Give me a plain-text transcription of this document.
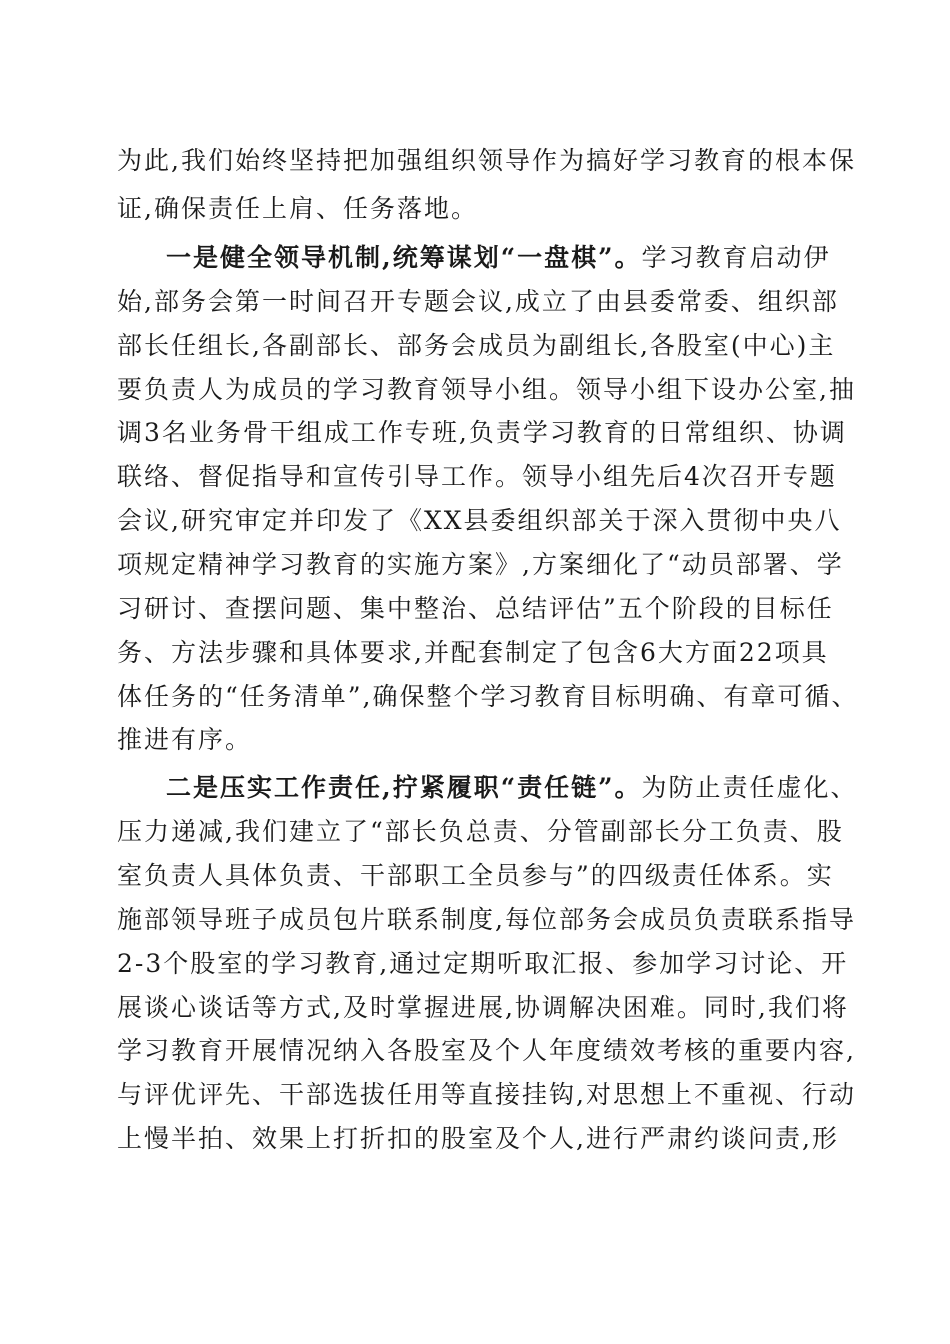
为此,我们始终坚持把加强组织领导作为搞好学习教育的根本保
证,确保责任上肩、任务落地。
一是健全领导机制,统筹谋划“一盘棋”。学习教育启动伊
始,部务会第一时间召开专题会议,成立了由县委常委、组织部
部长任组长,各副部长、部务会成员为副组长,各股室(中心)主
要负责人为成员的学习教育领导小组。领导小组下设办公室,抽
调3名业务骨干组成工作专班,负责学习教育的日常组织、协调
联络、督促指导和宣传引导工作。领导小组先后4次召开专题
会议,研究审定并印发了《XX县委组织部关于深入贯彻中央八
项规定精神学习教育的实施方案》,方案细化了“动员部署、学
习研讨、查摆问题、集中整治、总结评估”五个阶段的目标任
务、方法步骤和具体要求,并配套制定了包含6大方面22项具
体任务的“任务清单”,确保整个学习教育目标明确、有章可循、
推进有序。
二是压实工作责任,拧紧履职“责任链”。为防止责任虚化、
压力递减,我们建立了“部长负总责、分管副部长分工负责、股
室负责人具体负责、干部职工全员参与”的四级责任体系。实
施部领导班子成员包片联系制度,每位部务会成员负责联系指导
2-3个股室的学习教育,通过定期听取汇报、参加学习讨论、开
展谈心谈话等方式,及时掌握进展,协调解决困难。同时,我们将
学习教育开展情况纳入各股室及个人年度绩效考核的重要内容,
与评优评先、干部选拔任用等直接挂钩,对思想上不重视、行动
上慢半拍、效果上打折扣的股室及个人,进行严肃约谈问责,形
